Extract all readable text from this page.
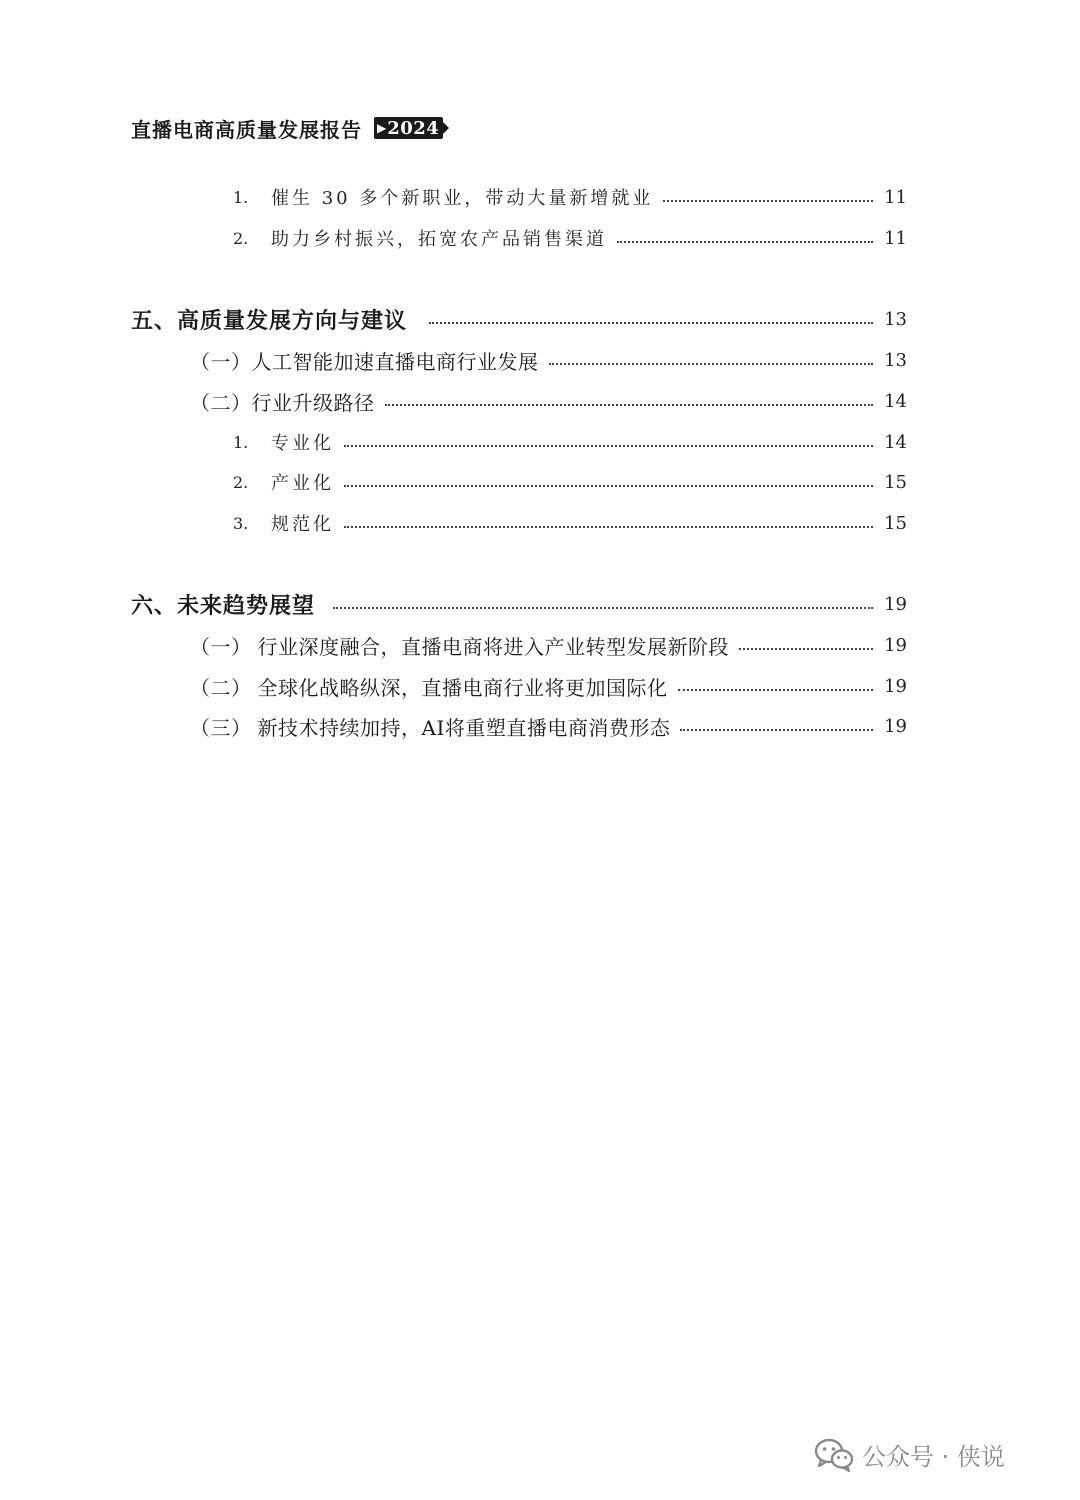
直播电商高质量发展报告 ▶ 2024
1.	催生 30 多个新职业，带动大量新增就业	11
2.	助力乡村振兴，拓宽农产品销售渠道	11
五、高质量发展方向与建议	13
（一）人工智能加速直播电商行业发展	13
（二）行业升级路径	14
1.	专业化	14
2.	产业化	15
3.	规范化	15
六、未来趋势展望	19
（一） 行业深度融合，直播电商将进入产业转型发展新阶段	19
（二） 全球化战略纵深，直播电商行业将更加国际化	19
（三） 新技术持续加持，AI将重塑直播电商消费形态	19
公众号 · 侠说
